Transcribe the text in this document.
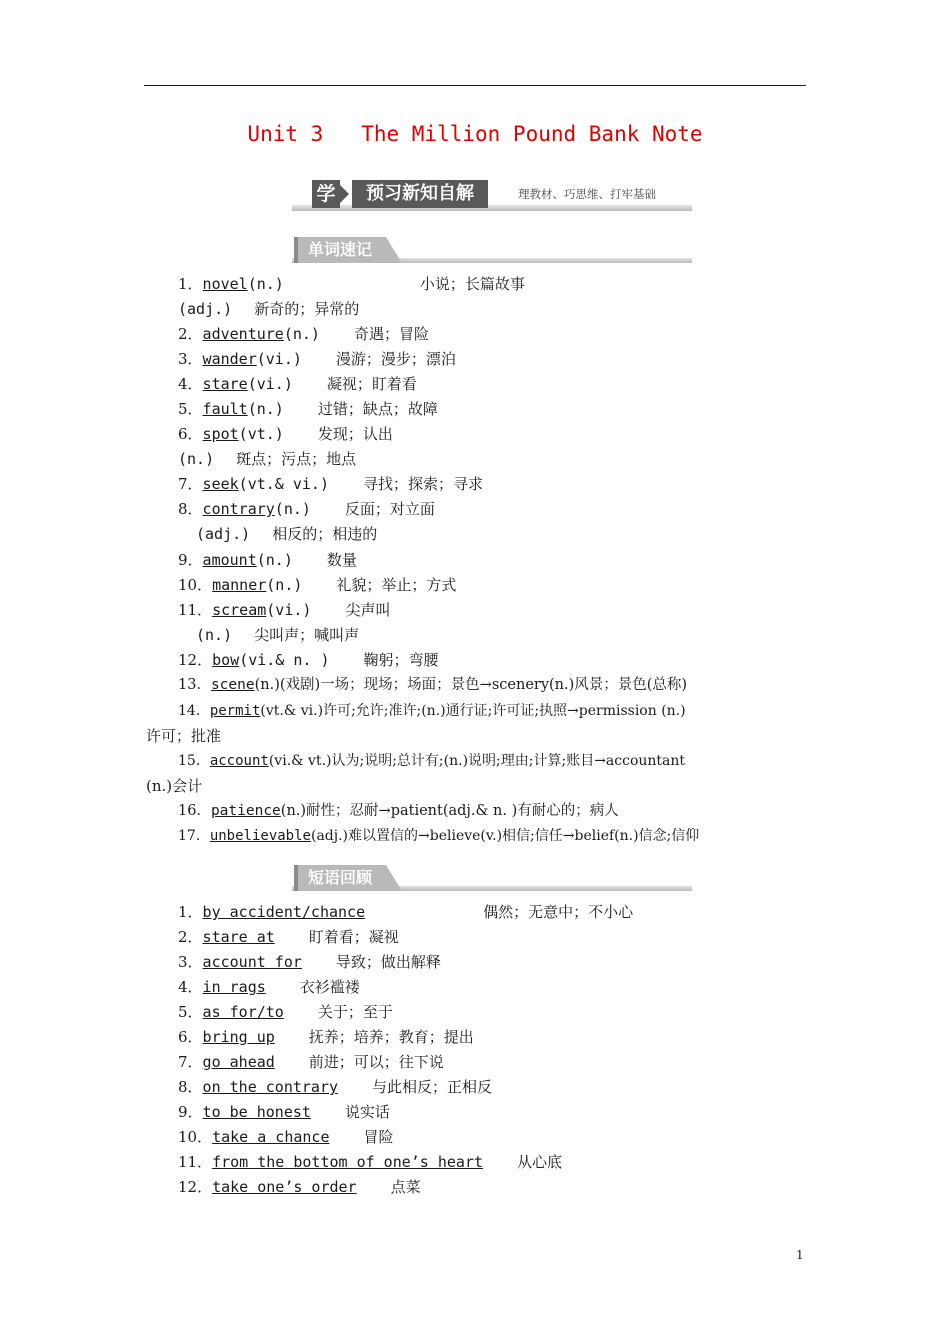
Unit 3   The Million Pound Bank Note
学	预习新知自解	理教材、巧思维、打牢基础
单词速记
1．novel(n.)	小说；长篇故事
(adj.) 新奇的；异常的
2．adventure(n.) 奇遇；冒险
3．wander(vi.) 漫游；漫步；漂泊
4．stare(vi.) 凝视；盯着看
5．fault(n.) 过错；缺点；故障
6．spot(vt.) 发现；认出
(n.) 斑点；污点；地点
7．seek(vt.& vi.) 寻找；探索；寻求
8．contrary(n.) 反面；对立面
(adj.) 相反的；相违的
9．amount(n.) 数量
10．manner(n.) 礼貌；举止；方式
11．scream(vi.) 尖声叫
(n.) 尖叫声；喊叫声
12．bow(vi.& n. ) 鞠躬；弯腰
13．scene(n.)(戏剧)一场；现场；场面；景色→scenery(n.)风景；景色(总称)
14．permit(vt.& vi.)许可;允许;准许;(n.)通行证;许可证;执照→permission (n.)
许可；批准
15．account(vi.& vt.)认为;说明;总计有;(n.)说明;理由;计算;账目→accountant
(n.)会计
16．patience(n.)耐性；忍耐→patient(adj.& n. )有耐心的；病人
17．unbelievable(adj.)难以置信的→believe(v.)相信;信任→belief(n.)信念;信仰
短语回顾
1．by accident/chance	偶然；无意中；不小心
2．stare at 盯着看；凝视
3．account for 导致；做出解释
4．in rags 衣衫褴褛
5．as for/to 关于；至于
6．bring up 抚养；培养；教育；提出
7．go ahead 前进；可以；往下说
8．on the contrary 与此相反；正相反
9．to be honest 说实话
10．take a chance 冒险
11．from the bottom of one’s heart 从心底
12．take one’s order 点菜
1
